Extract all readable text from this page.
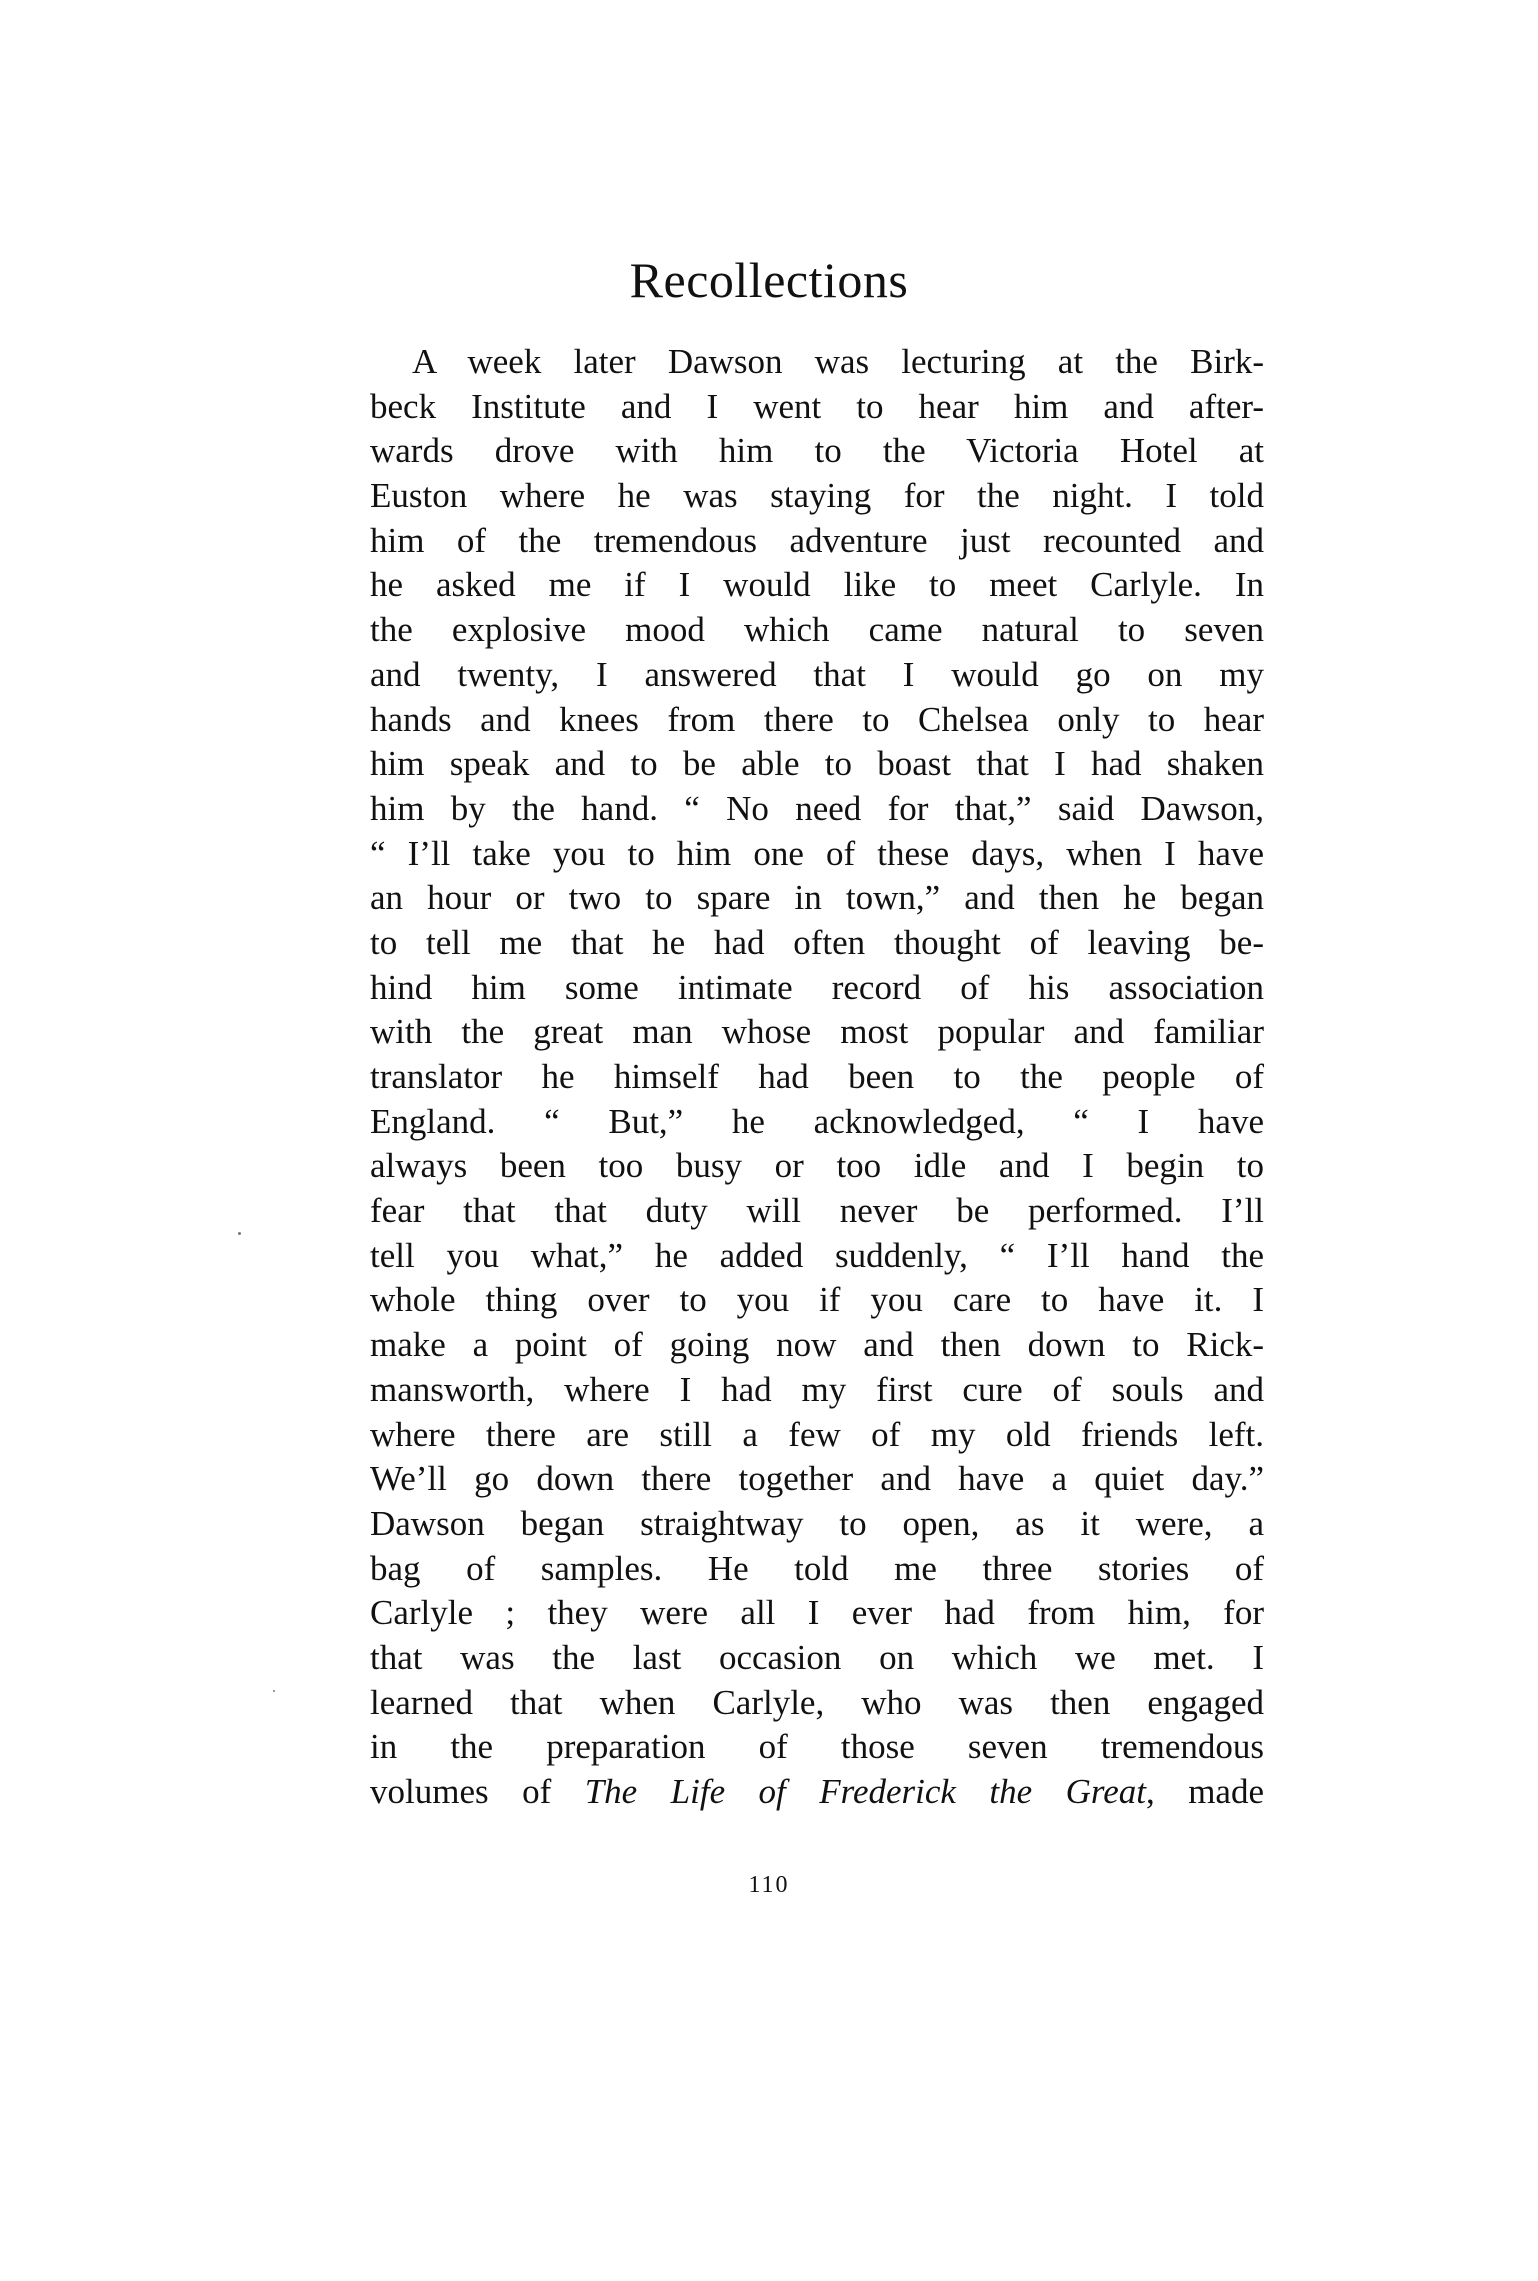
Recollections
A week later Dawson was lecturing at the Birk-
beck Institute and I went to hear him and after-
wards drove with him to the Victoria Hotel at
Euston where he was staying for the night. I told
him of the tremendous adventure just recounted and
he asked me if I would like to meet Carlyle. In
the explosive mood which came natural to seven
and twenty, I answered that I would go on my
hands and knees from there to Chelsea only to hear
him speak and to be able to boast that I had shaken
him by the hand. “ No need for that,” said Dawson,
“ I’ll take you to him one of these days, when I have
an hour or two to spare in town,” and then he began
to tell me that he had often thought of leaving be-
hind him some intimate record of his association
with the great man whose most popular and familiar
translator he himself had been to the people of
England. “ But,” he acknowledged, “ I have
always been too busy or too idle and I begin to
fear that that duty will never be performed. I’ll
tell you what,” he added suddenly, “ I’ll hand the
whole thing over to you if you care to have it. I
make a point of going now and then down to Rick-
mansworth, where I had my first cure of souls and
where there are still a few of my old friends left.
We’ll go down there together and have a quiet day.”
Dawson began straightway to open, as it were, a
bag of samples. He told me three stories of
Carlyle ; they were all I ever had from him, for
that was the last occasion on which we met. I
learned that when Carlyle, who was then engaged
in the preparation of those seven tremendous
volumes of The Life of Frederick the Great, made
110
